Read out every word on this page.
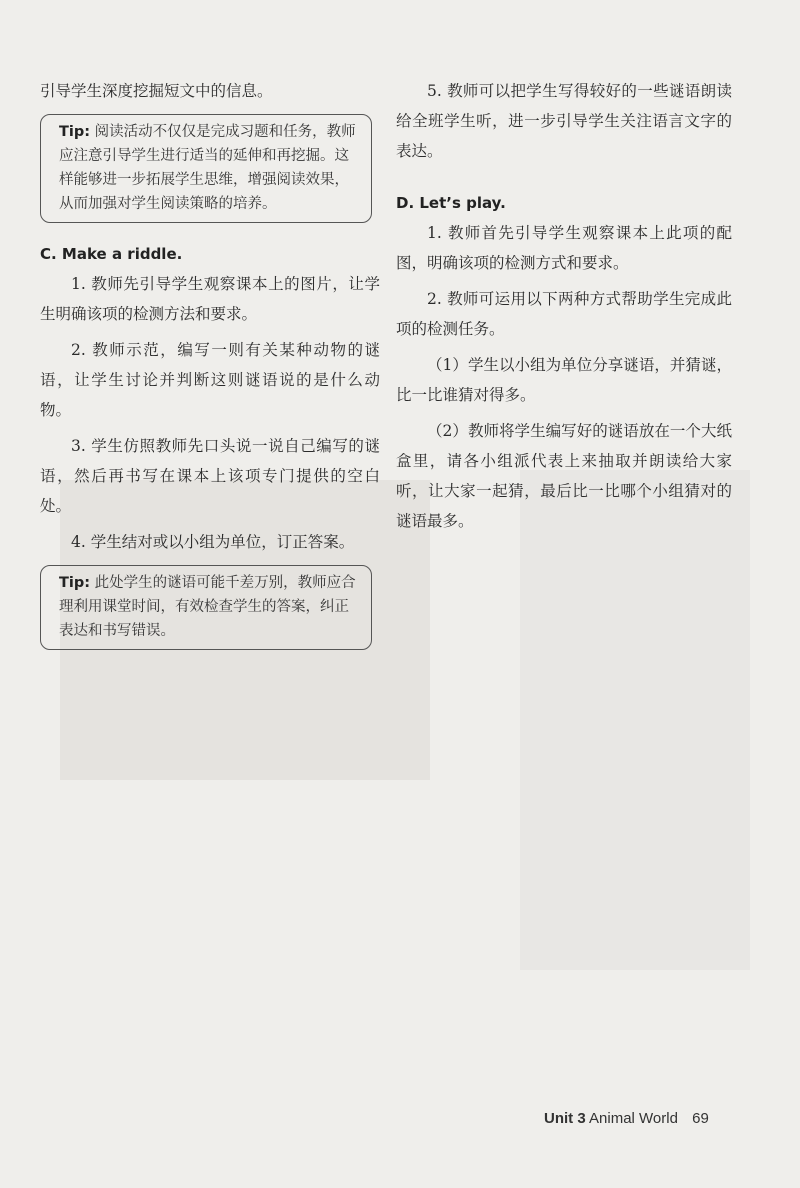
引导学生深度挖掘短文中的信息。

Tip: 阅读活动不仅仅是完成习题和任务，教师应注意引导学生进行适当的延伸和再挖掘。这样能够进一步拓展学生思维，增强阅读效果，从而加强对学生阅读策略的培养。

C. Make a riddle.

1. 教师先引导学生观察课本上的图片，让学生明确该项的检测方法和要求。

2. 教师示范，编写一则有关某种动物的谜语，让学生讨论并判断这则谜语说的是什么动物。

3. 学生仿照教师先口头说一说自己编写的谜语，然后再书写在课本上该项专门提供的空白处。

4. 学生结对或以小组为单位，订正答案。

Tip: 此处学生的谜语可能千差万别，教师应合理利用课堂时间，有效检查学生的答案，纠正表达和书写错误。

5. 教师可以把学生写得较好的一些谜语朗读给全班学生听，进一步引导学生关注语言文字的表达。

D. Let’s play.

1. 教师首先引导学生观察课本上此项的配图，明确该项的检测方式和要求。

2. 教师可运用以下两种方式帮助学生完成此项的检测任务。

（1）学生以小组为单位分享谜语，并猜谜，比一比谁猜对得多。

（2）教师将学生编写好的谜语放在一个大纸盒里，请各小组派代表上来抽取并朗读给大家听，让大家一起猜，最后比一比哪个小组猜对的谜语最多。

Unit 3 Animal World 69
